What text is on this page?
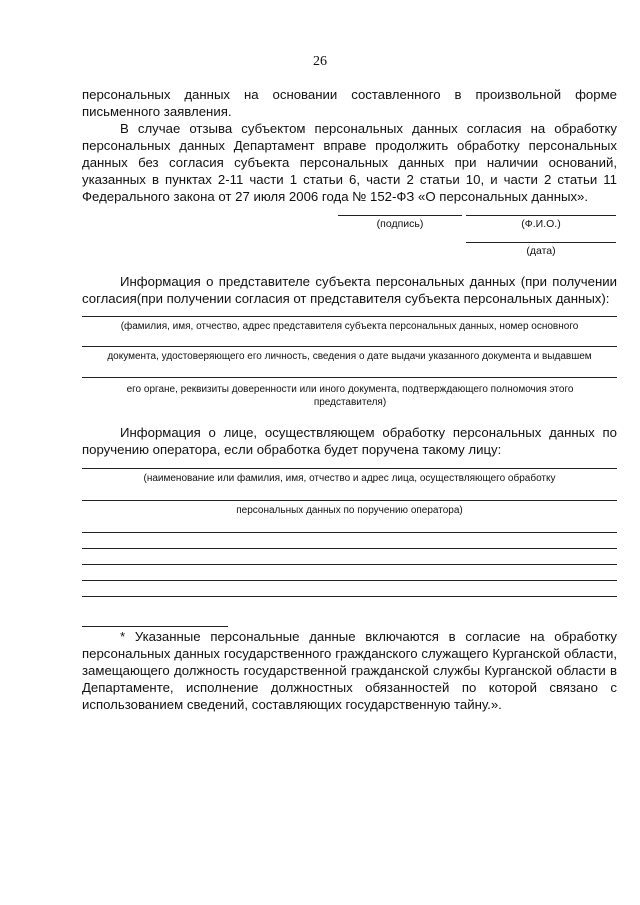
26

персональных данных на основании составленного в произвольной форме письменного заявления.

В случае отзыва субъектом персональных данных согласия на обработку персональных данных Департамент вправе продолжить обработку персональных данных без согласия субъекта персональных данных при наличии оснований, указанных в пунктах 2-11 части 1 статьи 6, части 2 статьи 10, и части 2 статьи 11 Федерального закона от 27 июля 2006 года № 152-ФЗ «О персональных данных».

(подпись)	(Ф.И.О.)
(дата)

Информация о представителе субъекта персональных данных (при получении согласия(при получении согласия от представителя субъекта персональных данных):

(фамилия, имя, отчество, адрес представителя субъекта персональных данных, номер основного
документа, удостоверяющего его личность, сведения о дате выдачи указанного документа и выдавшем
его органе, реквизиты доверенности или иного документа, подтверждающего полномочия этого представителя)

Информация о лице, осуществляющем обработку персональных данных по поручению оператора, если обработка будет поручена такому лицу:

(наименование или фамилия, имя, отчество и адрес лица, осуществляющего обработку
персональных данных по поручению оператора)

* Указанные персональные данные включаются в согласие на обработку персональных данных государственного гражданского служащего Курганской области, замещающего должность государственной гражданской службы Курганской области в Департаменте, исполнение должностных обязанностей по которой связано с использованием сведений, составляющих государственную тайну.».
